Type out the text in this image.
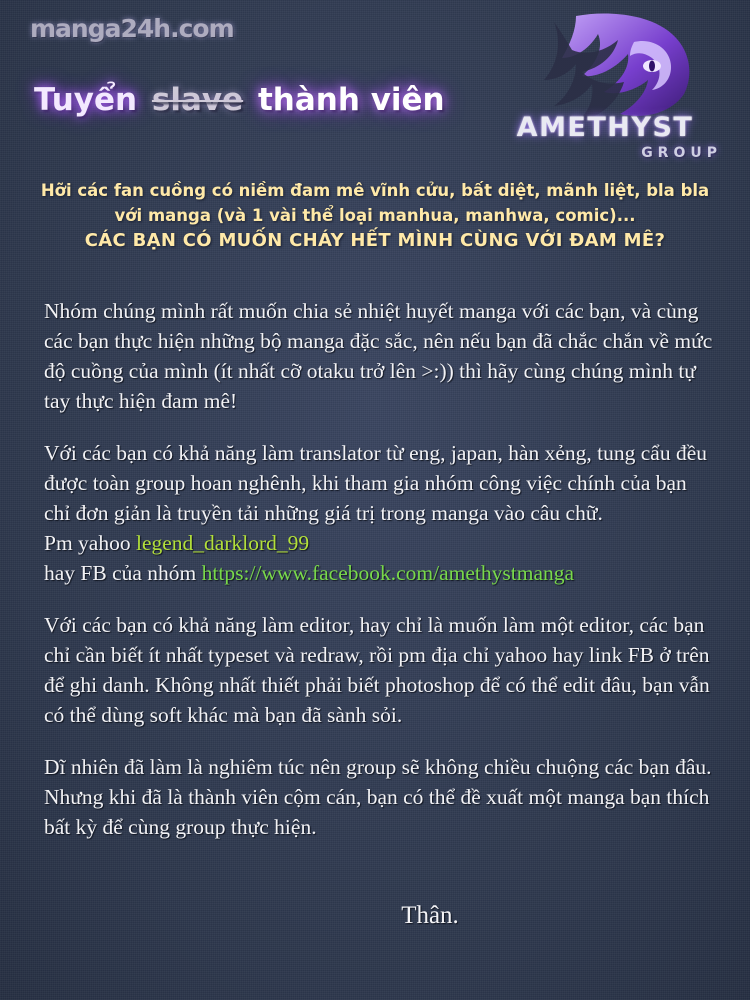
manga24h.com
AMETHYST
GROUP
Tuyển slave thành viên
Hỡi các fan cuồng có niềm đam mê vĩnh cửu, bất diệt, mãnh liệt, bla bla
với manga (và 1 vài thể loại manhua, manhwa, comic)...
CÁC BẠN CÓ MUỐN CHÁY HẾT MÌNH CÙNG VỚI ĐAM MÊ?

Nhóm chúng mình rất muốn chia sẻ nhiệt huyết manga với các bạn, và cùng các bạn thực hiện những bộ manga đặc sắc, nên nếu bạn đã chắc chắn về mức độ cuồng của mình (ít nhất cỡ otaku trở lên >:)) thì hãy cùng chúng mình tự tay thực hiện đam mê!

Với các bạn có khả năng làm translator từ eng, japan, hàn xẻng, tung cẩu đều được toàn group hoan nghênh, khi tham gia nhóm công việc chính của bạn chỉ đơn giản là truyền tải những giá trị trong manga vào câu chữ.
Pm yahoo legend_darklord_99
hay FB của nhóm https://www.facebook.com/amethystmanga

Với các bạn có khả năng làm editor, hay chỉ là muốn làm một editor, các bạn chỉ cần biết ít nhất typeset và redraw, rồi pm địa chỉ yahoo hay link FB ở trên để ghi danh. Không nhất thiết phải biết photoshop để có thể edit đâu, bạn vẫn có thể dùng soft khác mà bạn đã sành sỏi.

Dĩ nhiên đã làm là nghiêm túc nên group sẽ không chiều chuộng các bạn đâu. Nhưng khi đã là thành viên cộm cán, bạn có thể đề xuất một manga bạn thích bất kỳ để cùng group thực hiện.

Thân.
